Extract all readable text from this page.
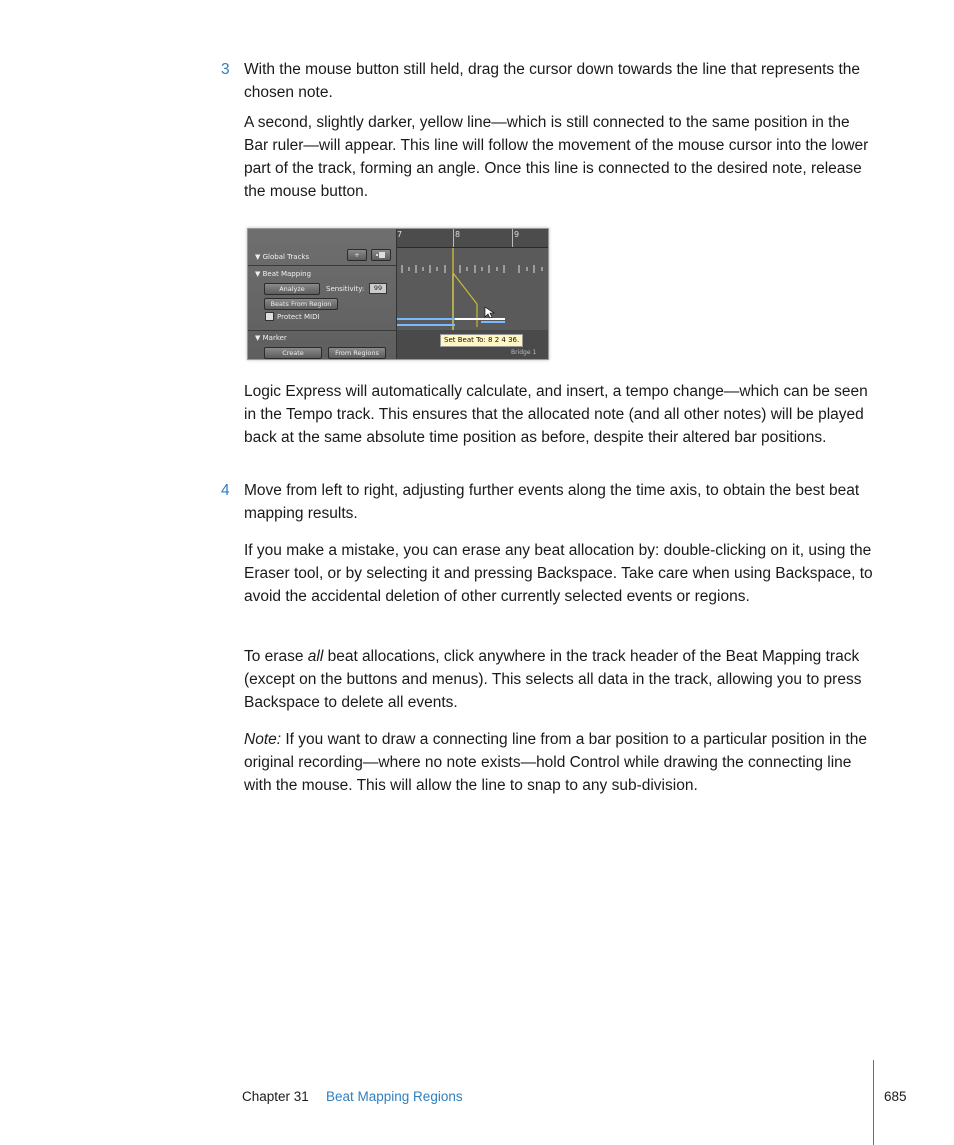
3 With the mouse button still held, drag the cursor down towards the line that represents the chosen note.

A second, slightly darker, yellow line—which is still connected to the same position in the Bar ruler—will appear. This line will follow the movement of the mouse cursor into the lower part of the track, forming an angle. Once this line is connected to the desired note, release the mouse button.

▼ Global Tracks	+
▼ Beat Mapping
Analyze	Sensitivity:	99
Beats From Region
Protect MIDI
▼ Marker
Create	From Regions
7	8	9
Set Beat To: 8 2 4 36.
Bridge 1

Logic Express will automatically calculate, and insert, a tempo change—which can be seen in the Tempo track. This ensures that the allocated note (and all other notes) will be played back at the same absolute time position as before, despite their altered bar positions.

4 Move from left to right, adjusting further events along the time axis, to obtain the best beat mapping results.

If you make a mistake, you can erase any beat allocation by: double-clicking on it, using the Eraser tool, or by selecting it and pressing Backspace. Take care when using Backspace, to avoid the accidental deletion of other currently selected events or regions.

To erase all beat allocations, click anywhere in the track header of the Beat Mapping track (except on the buttons and menus). This selects all data in the track, allowing you to press Backspace to delete all events.

Note: If you want to draw a connecting line from a bar position to a particular position in the original recording—where no note exists—hold Control while drawing the connecting line with the mouse. This will allow the line to snap to any sub-division.

Chapter 31 Beat Mapping Regions	685
